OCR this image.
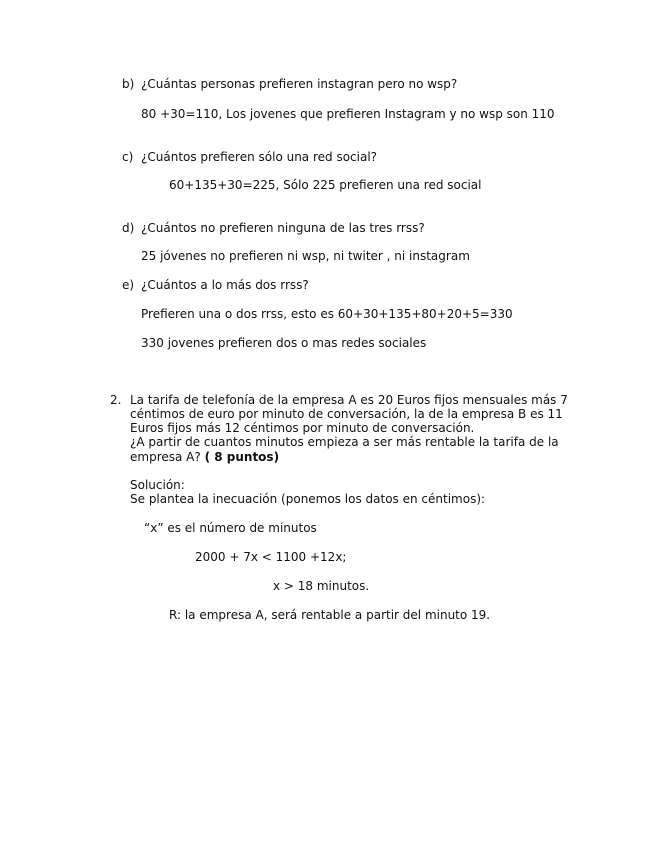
b) ¿Cuántas personas prefieren instagran pero no wsp?
80 +30=110, Los jovenes que prefieren Instagram y no wsp son 110
c) ¿Cuántos prefieren sólo una red social?
60+135+30=225, Sólo 225 prefieren una red social
d) ¿Cuántos no prefieren ninguna de las tres rrss?
25 jóvenes no prefieren ni wsp, ni twiter , ni instagram
e) ¿Cuántos a lo más dos rrss?
Prefieren una o dos rrss, esto es 60+30+135+80+20+5=330
330 jovenes prefieren dos o mas redes sociales
2. La tarifa de telefonía de la empresa A es 20 Euros fijos mensuales más 7
céntimos de euro por minuto de conversación, la de la empresa B es 11
Euros fijos más 12 céntimos por minuto de conversación.
¿A partir de cuantos minutos empieza a ser más rentable la tarifa de la
empresa A? ( 8 puntos)
Solución:
Se plantea la inecuación (ponemos los datos en céntimos):
“x” es el número de minutos
2000 + 7x < 1100 +12x;
x > 18 minutos.
R: la empresa A, será rentable a partir del minuto 19.
